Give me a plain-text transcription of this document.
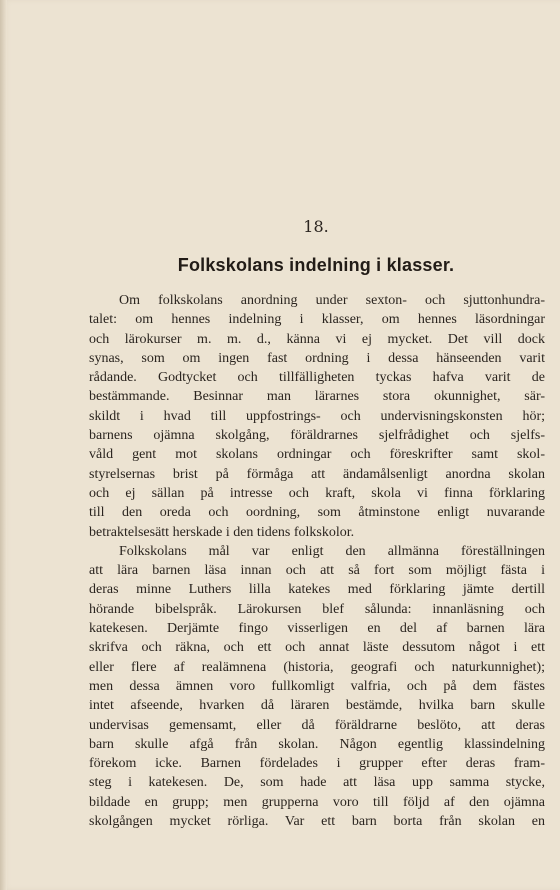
18.
Folkskolans indelning i klasser.
Om folkskolans anordning under sexton- och sjuttonhundra-
talet: om hennes indelning i klasser, om hennes läsordningar
och lärokurser m. m. d., känna vi ej mycket. Det vill dock
synas, som om ingen fast ordning i dessa hänseenden varit
rådande. Godtycket och tillfälligheten tyckas hafva varit de
bestämmande. Besinnar man lärarnes stora okunnighet, sär-
skildt i hvad till uppfostrings- och undervisningskonsten hör;
barnens ojämna skolgång, föräldrarnes sjelfrådighet och sjelfs-
våld gent mot skolans ordningar och föreskrifter samt skol-
styrelsernas brist på förmåga att ändamålsenligt anordna skolan
och ej sällan på intresse och kraft, skola vi finna förklaring
till den oreda och oordning, som åtminstone enligt nuvarande
betraktelsesätt herskade i den tidens folkskolor.
Folkskolans mål var enligt den allmänna föreställningen
att lära barnen läsa innan och att så fort som möjligt fästa i
deras minne Luthers lilla katekes med förklaring jämte dertill
hörande bibelspråk. Lärokursen blef sålunda: innanläsning och
katekesen. Derjämte fingo visserligen en del af barnen lära
skrifva och räkna, och ett och annat läste dessutom något i ett
eller flere af realämnena (historia, geografi och naturkunnighet);
men dessa ämnen voro fullkomligt valfria, och på dem fästes
intet afseende, hvarken då läraren bestämde, hvilka barn skulle
undervisas gemensamt, eller då föräldrarne beslöto, att deras
barn skulle afgå från skolan. Någon egentlig klassindelning
förekom icke. Barnen fördelades i grupper efter deras fram-
steg i katekesen. De, som hade att läsa upp samma stycke,
bildade en grupp; men grupperna voro till följd af den ojämna
skolgången mycket rörliga. Var ett barn borta från skolan en
